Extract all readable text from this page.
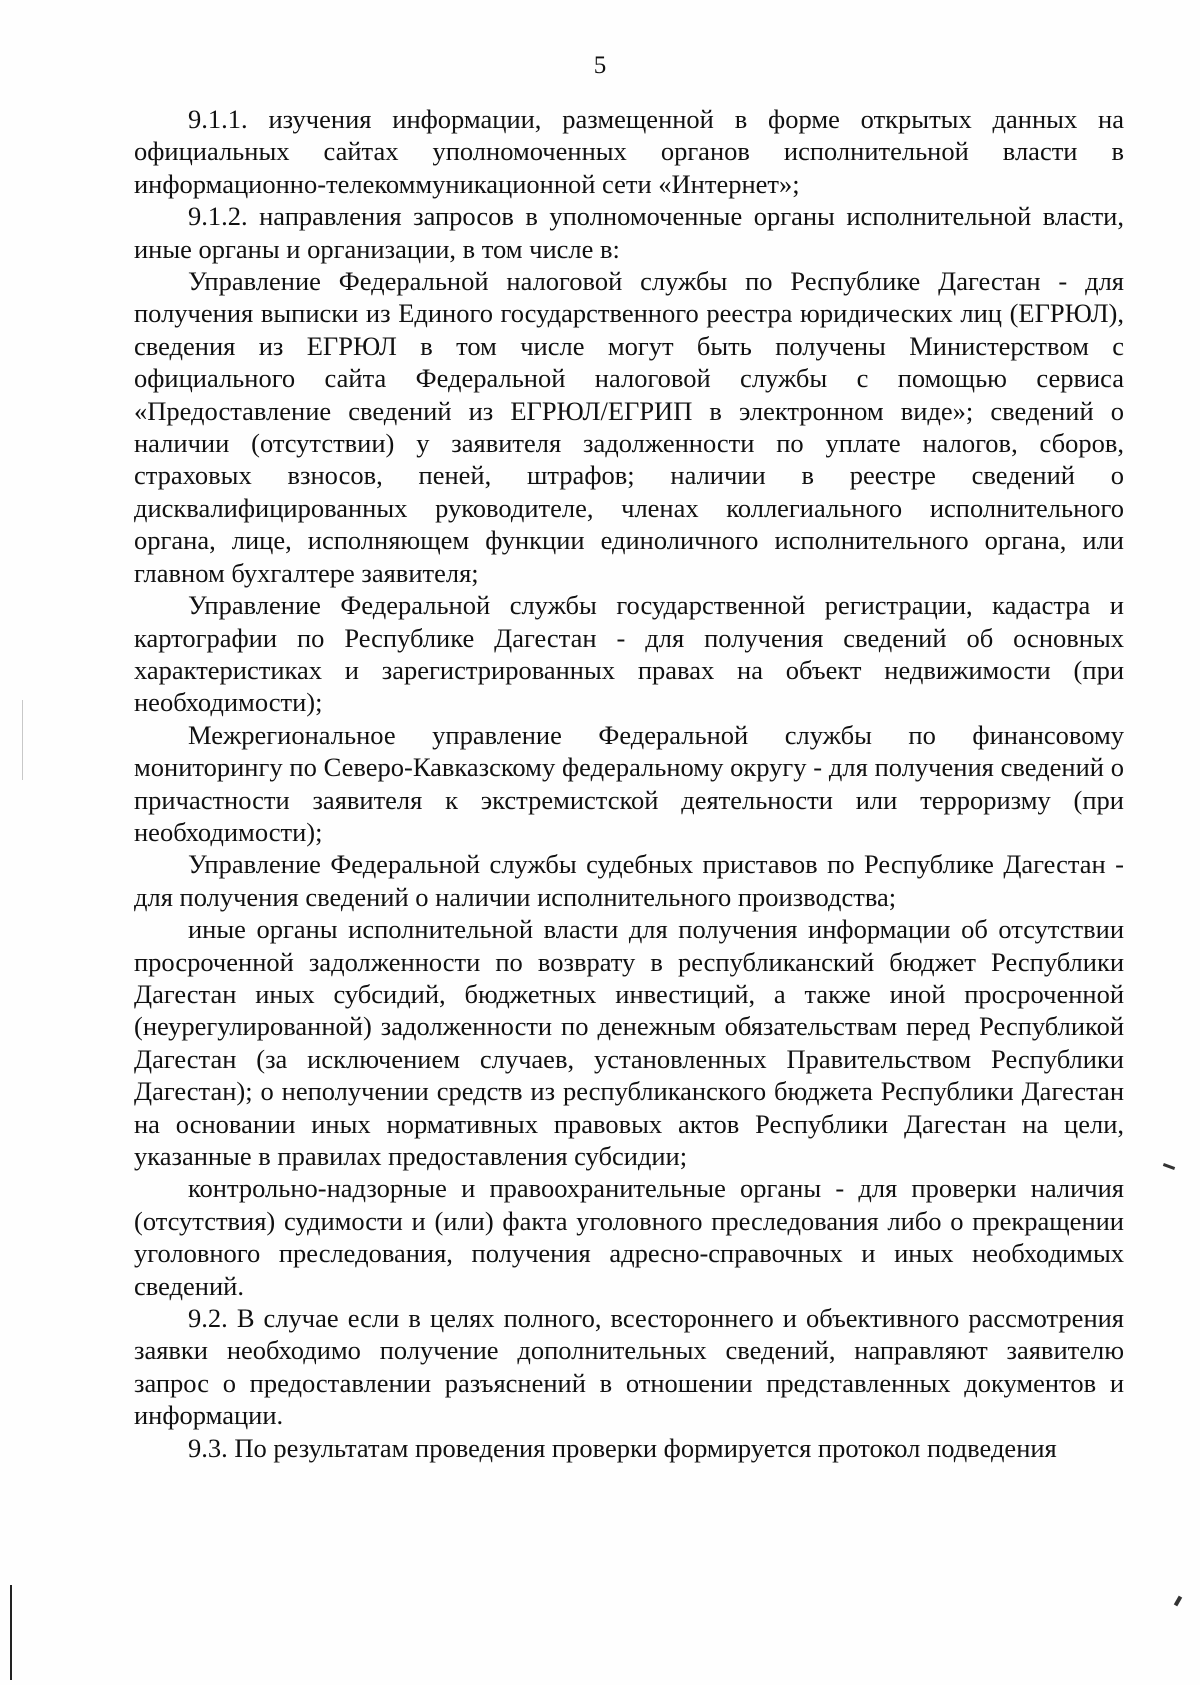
5

9.1.1. изучения информации, размещенной в форме открытых данных на официальных сайтах уполномоченных органов исполнительной власти в информационно-телекоммуникационной сети «Интернет»;

9.1.2. направления запросов в уполномоченные органы исполнительной власти, иные органы и организации, в том числе в:

Управление Федеральной налоговой службы по Республике Дагестан - для получения выписки из Единого государственного реестра юридических лиц (ЕГРЮЛ), сведения из ЕГРЮЛ в том числе могут быть получены Министерством с официального сайта Федеральной налоговой службы с помощью сервиса «Предоставление сведений из ЕГРЮЛ/ЕГРИП в электронном виде»; сведений о наличии (отсутствии) у заявителя задолженности по уплате налогов, сборов, страховых взносов, пеней, штрафов; наличии в реестре сведений о дисквалифицированных руководителе, членах коллегиального исполнительного органа, лице, исполняющем функции единоличного исполнительного органа, или главном бухгалтере заявителя;

Управление Федеральной службы государственной регистрации, кадастра и картографии по Республике Дагестан - для получения сведений об основных характеристиках и зарегистрированных правах на объект недвижимости (при необходимости);

Межрегиональное управление Федеральной службы по финансовому мониторингу по Северо-Кавказскому федеральному округу - для получения сведений о причастности заявителя к экстремистской деятельности или терроризму (при необходимости);

Управление Федеральной службы судебных приставов по Республике Дагестан - для получения сведений о наличии исполнительного производства;

иные органы исполнительной власти для получения информации об отсутствии просроченной задолженности по возврату в республиканский бюджет Республики Дагестан иных субсидий, бюджетных инвестиций, а также иной просроченной (неурегулированной) задолженности по денежным обязательствам перед Республикой Дагестан (за исключением случаев, установленных Правительством Республики Дагестан); о неполучении средств из республиканского бюджета Республики Дагестан на основании иных нормативных правовых актов Республики Дагестан на цели, указанные в правилах предоставления субсидии;

контрольно-надзорные и правоохранительные органы - для проверки наличия (отсутствия) судимости и (или) факта уголовного преследования либо о прекращении уголовного преследования, получения адресно-справочных и иных необходимых сведений.

9.2. В случае если в целях полного, всестороннего и объективного рассмотрения заявки необходимо получение дополнительных сведений, направляют заявителю запрос о предоставлении разъяснений в отношении представленных документов и информации.

9.3. По результатам проведения проверки формируется протокол подведения
